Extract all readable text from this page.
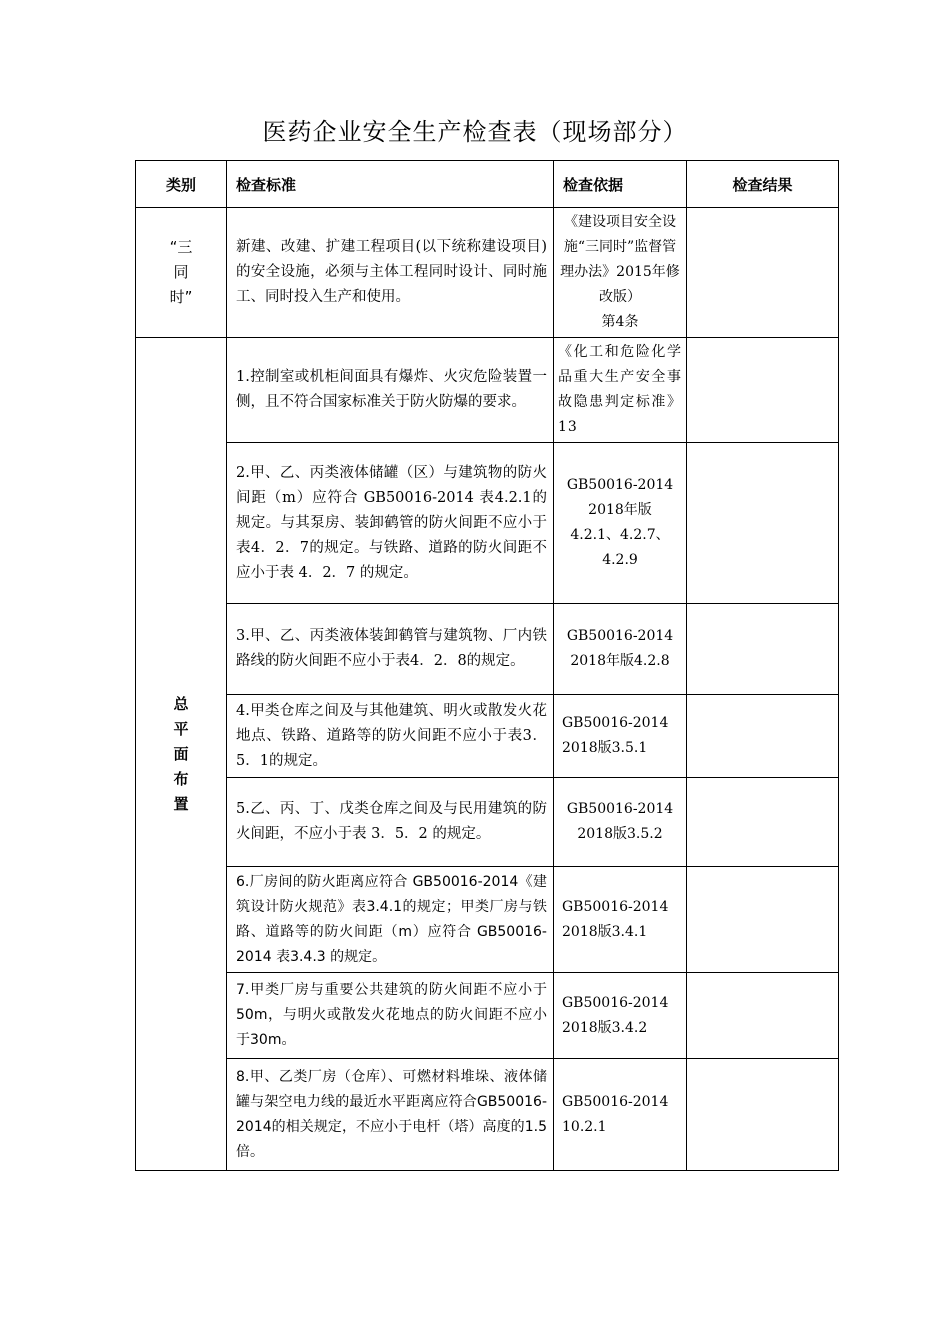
医药企业安全生产检查表（现场部分）
类别	检查标准	检查依据	检查结果
“三
同
时”	新建、改建、扩建工程项目(以下统称建设项目)的安全设施，必须与主体工程同时设计、同时施工、同时投入生产和使用。	《建设项目安全设施“三同时”监督管理办法》2015年修改版）
第4条	
总
平
面
布
置	1.控制室或机柜间面具有爆炸、火灾危险装置一侧，且不符合国家标准关于防火防爆的要求。	《化工和危险化学品重大生产安全事故隐患判定标准》13	
	2.甲、乙、丙类液体储罐（区）与建筑物的防火间距（m）应符合 GB50016-2014 表4.2.1的规定。与其泵房、装卸鹤管的防火间距不应小于表4．2．7的规定。与铁路、道路的防火间距不应小于表 4．2．7 的规定。	GB50016-2014
2018年版
4.2.1、4.2.7、
4.2.9	
	3.甲、乙、丙类液体装卸鹤管与建筑物、厂内铁路线的防火间距不应小于表4．2．8的规定。	GB50016-2014
2018年版4.2.8	
	4.甲类仓库之间及与其他建筑、明火或散发火花地点、铁路、道路等的防火间距不应小于表3．5．1的规定。	GB50016-2014
2018版3.5.1	
	5.乙、丙、丁、戊类仓库之间及与民用建筑的防火间距，不应小于表 3．5．2 的规定。	GB50016-2014
2018版3.5.2	
	6.厂房间的防火距离应符合 GB50016-2014《建筑设计防火规范》表3.4.1的规定；甲类厂房与铁路、道路等的防火间距（m）应符合 GB50016-2014 表3.4.3 的规定。	GB50016-2014
2018版3.4.1	
	7.甲类厂房与重要公共建筑的防火间距不应小于 50m，与明火或散发火花地点的防火间距不应小于30m。	GB50016-2014
2018版3.4.2	
	8.甲、乙类厂房（仓库）、可燃材料堆垛、液体储罐与架空电力线的最近水平距离应符合GB50016-2014的相关规定，不应小于电杆（塔）高度的1.5倍。	GB50016-2014
10.2.1	
